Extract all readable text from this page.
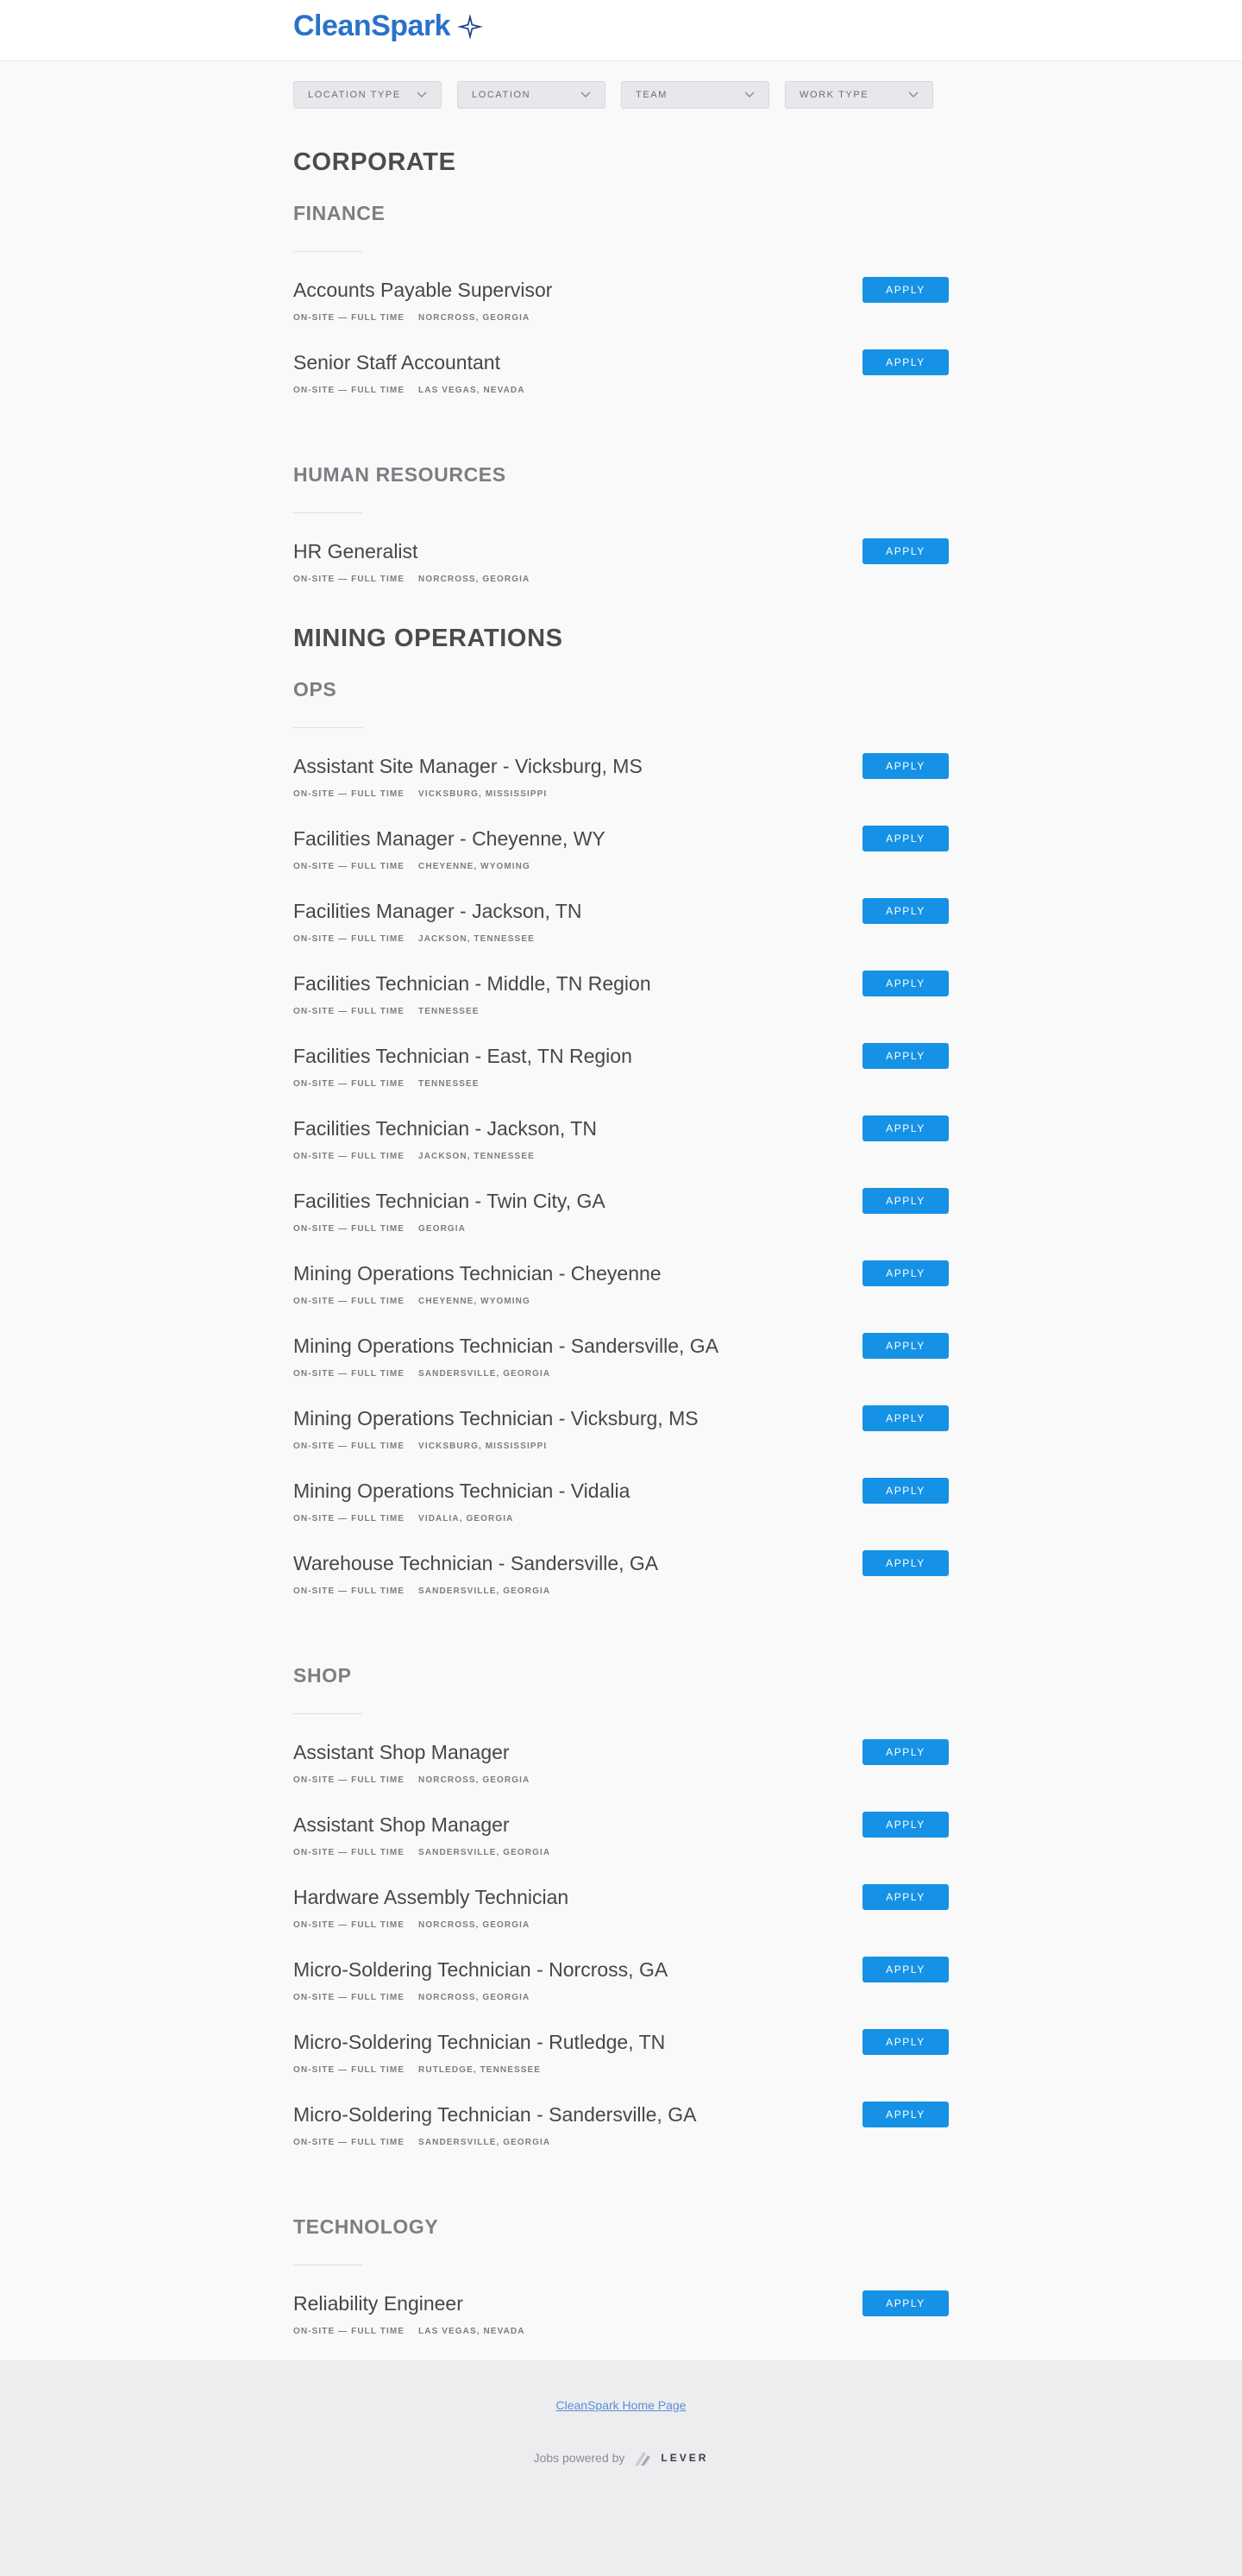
CleanSpark
LOCATION TYPE	LOCATION	TEAM	WORK TYPE
CORPORATE
FINANCE
Accounts Payable Supervisor
ON-SITE — FULL TIME NORCROSS, GEORGIA
APPLY
Senior Staff Accountant
ON-SITE — FULL TIME LAS VEGAS, NEVADA
APPLY
HUMAN RESOURCES
HR Generalist
ON-SITE — FULL TIME NORCROSS, GEORGIA
APPLY
MINING OPERATIONS
OPS
Assistant Site Manager - Vicksburg, MS
ON-SITE — FULL TIME VICKSBURG, MISSISSIPPI
APPLY
Facilities Manager - Cheyenne, WY
ON-SITE — FULL TIME CHEYENNE, WYOMING
APPLY
Facilities Manager - Jackson, TN
ON-SITE — FULL TIME JACKSON, TENNESSEE
APPLY
Facilities Technician - Middle, TN Region
ON-SITE — FULL TIME TENNESSEE
APPLY
Facilities Technician - East, TN Region
ON-SITE — FULL TIME TENNESSEE
APPLY
Facilities Technician - Jackson, TN
ON-SITE — FULL TIME JACKSON, TENNESSEE
APPLY
Facilities Technician - Twin City, GA
ON-SITE — FULL TIME GEORGIA
APPLY
Mining Operations Technician - Cheyenne
ON-SITE — FULL TIME CHEYENNE, WYOMING
APPLY
Mining Operations Technician - Sandersville, GA
ON-SITE — FULL TIME SANDERSVILLE, GEORGIA
APPLY
Mining Operations Technician - Vicksburg, MS
ON-SITE — FULL TIME VICKSBURG, MISSISSIPPI
APPLY
Mining Operations Technician - Vidalia
ON-SITE — FULL TIME VIDALIA, GEORGIA
APPLY
Warehouse Technician - Sandersville, GA
ON-SITE — FULL TIME SANDERSVILLE, GEORGIA
APPLY
SHOP
Assistant Shop Manager
ON-SITE — FULL TIME NORCROSS, GEORGIA
APPLY
Assistant Shop Manager
ON-SITE — FULL TIME SANDERSVILLE, GEORGIA
APPLY
Hardware Assembly Technician
ON-SITE — FULL TIME NORCROSS, GEORGIA
APPLY
Micro-Soldering Technician - Norcross, GA
ON-SITE — FULL TIME NORCROSS, GEORGIA
APPLY
Micro-Soldering Technician - Rutledge, TN
ON-SITE — FULL TIME RUTLEDGE, TENNESSEE
APPLY
Micro-Soldering Technician - Sandersville, GA
ON-SITE — FULL TIME SANDERSVILLE, GEORGIA
APPLY
TECHNOLOGY
Reliability Engineer
ON-SITE — FULL TIME LAS VEGAS, NEVADA
APPLY
CleanSpark Home Page
Jobs powered by	LEVER
